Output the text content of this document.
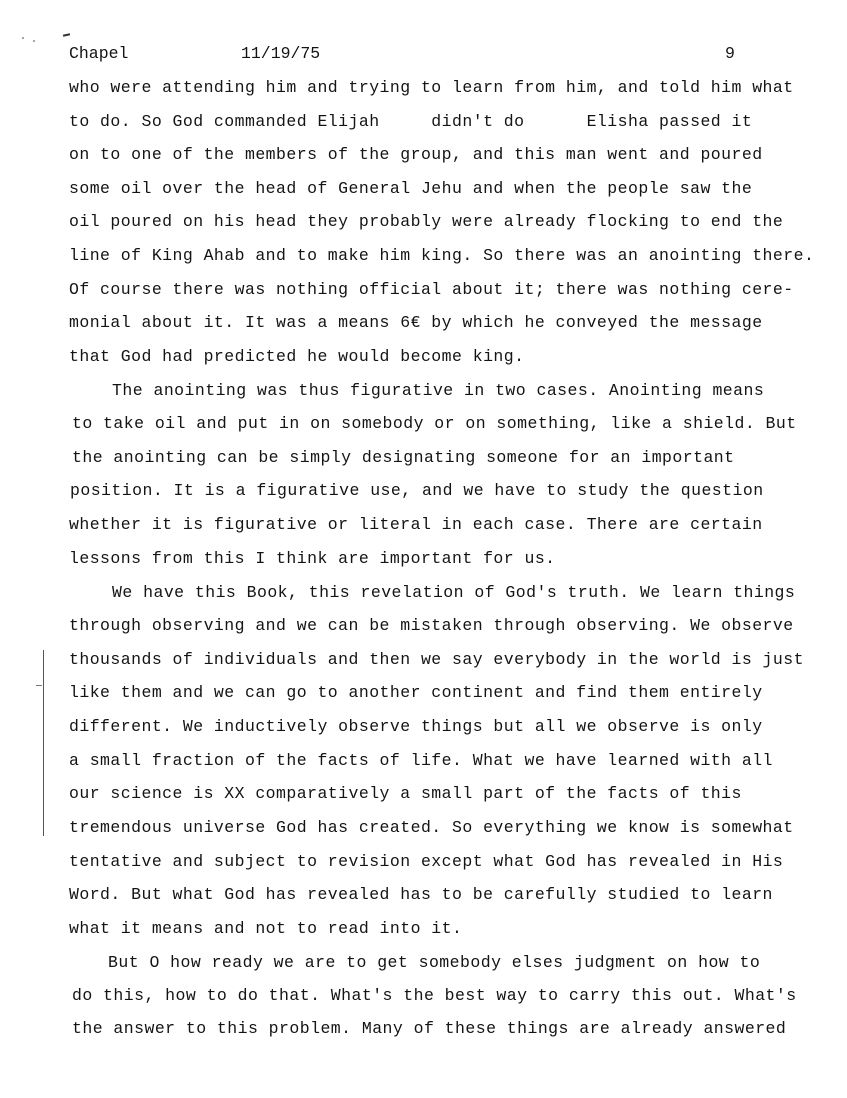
Chapel	11/19/75	9
who were attending him and trying to learn from him, and told him what
to do. So God commanded Elijah     didn't do      Elisha passed it
on to one of the members of the group, and this man went and poured
some oil over the head of General Jehu and when the people saw the
oil poured on his head they probably were already flocking to end the
line of King Ahab and to make him king. So there was an anointing there.
Of course there was nothing official about it; there was nothing cere-
monial about it. It was a means 6€ by which he conveyed the message
that God had predicted he would become king.
The anointing was thus figurative in two cases. Anointing means
to take oil and put in on somebody or on something, like a shield. But
the anointing can be simply designating someone for an important
position. It is a figurative use, and we have to study the question
whether it is figurative or literal in each case. There are certain
lessons from this I think are important for us.
We have this Book, this revelation of God's truth. We learn things
through observing and we can be mistaken through observing. We observe
thousands of individuals and then we say everybody in the world is just
like them and we can go to another continent and find them entirely
different. We inductively observe things but all we observe is only
a small fraction of the facts of life. What we have learned with all
our science is XX comparatively a small part of the facts of this
tremendous universe God has created. So everything we know is somewhat
tentative and subject to revision except what God has revealed in His
Word. But what God has revealed has to be carefully studied to learn
what it means and not to read into it.
But O how ready we are to get somebody elses judgment on how to
do this, how to do that. What's the best way to carry this out. What's
the answer to this problem. Many of these things are already answered
